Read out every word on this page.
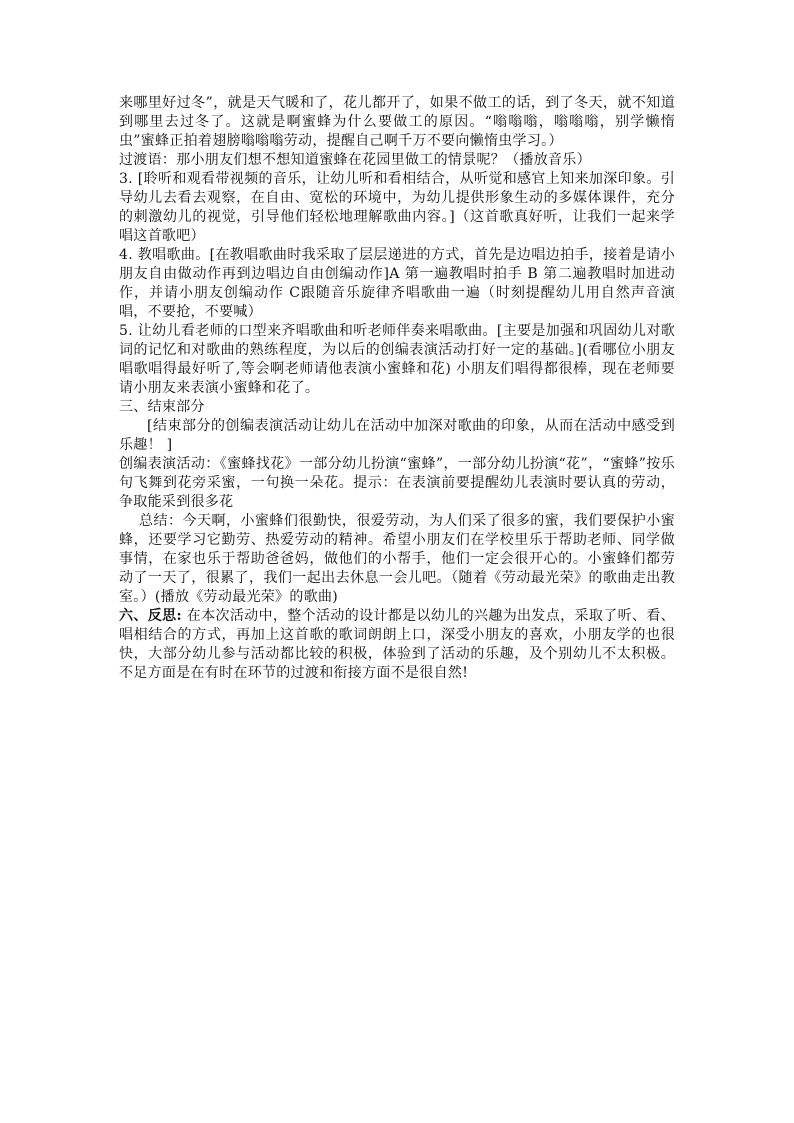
来哪里好过冬”，就是天气暖和了，花儿都开了，如果不做工的话，到了冬天，就不知道到哪里去过冬了。这就是啊蜜蜂为什么要做工的原因。“嗡嗡嗡，嗡嗡嗡，别学懒惰虫”蜜蜂正拍着翅膀嗡嗡嗡劳动，提醒自己啊千万不要向懒惰虫学习。）

过渡语：那小朋友们想不想知道蜜蜂在花园里做工的情景呢？（播放音乐）

3. [聆听和观看带视频的音乐，让幼儿听和看相结合，从听觉和感官上知来加深印象。引导幼儿去看去观察，在自由、宽松的环境中，为幼儿提供形象生动的多媒体课件，充分的刺激幼儿的视觉，引导他们轻松地理解歌曲内容。]（这首歌真好听，让我们一起来学唱这首歌吧）

4. 教唱歌曲。[在教唱歌曲时我采取了层层递进的方式，首先是边唱边拍手，接着是请小朋友自由做动作再到边唱边自由创编动作]A 第一遍教唱时拍手 B 第二遍教唱时加进动作，并请小朋友创编动作 C跟随音乐旋律齐唱歌曲一遍（时刻提醒幼儿用自然声音演唱，不要抢，不要喊）

5. 让幼儿看老师的口型来齐唱歌曲和听老师伴奏来唱歌曲。[主要是加强和巩固幼儿对歌词的记忆和对歌曲的熟练程度，为以后的创编表演活动打好一定的基础。](看哪位小朋友唱歌唱得最好听了,等会啊老师请他表演小蜜蜂和花) 小朋友们唱得都很棒，现在老师要请小朋友来表演小蜜蜂和花了。

三、结束部分

[结束部分的创编表演活动让幼儿在活动中加深对歌曲的印象，从而在活动中感受到乐趣！ ]

创编表演活动：《蜜蜂找花》一部分幼儿扮演“蜜蜂”，一部分幼儿扮演“花”，“蜜蜂”按乐句飞舞到花旁采蜜，一句换一朵花。提示：在表演前要提醒幼儿表演时要认真的劳动，争取能采到很多花

总结：今天啊，小蜜蜂们很勤快，很爱劳动，为人们采了很多的蜜，我们要保护小蜜蜂，还要学习它勤劳、热爱劳动的精神。希望小朋友们在学校里乐于帮助老师、同学做事情，在家也乐于帮助爸爸妈，做他们的小帮手，他们一定会很开心的。小蜜蜂们都劳动了一天了，很累了，我们一起出去休息一会儿吧。（随着《劳动最光荣》的歌曲走出教室。）(播放《劳动最光荣》的歌曲)

六、反思: 在本次活动中，整个活动的设计都是以幼儿的兴趣为出发点，采取了听、看、唱相结合的方式，再加上这首歌的歌词朗朗上口，深受小朋友的喜欢，小朋友学的也很快，大部分幼儿参与活动都比较的积极，体验到了活动的乐趣，及个别幼儿不太积极。不足方面是在有时在环节的过渡和衔接方面不是很自然!
